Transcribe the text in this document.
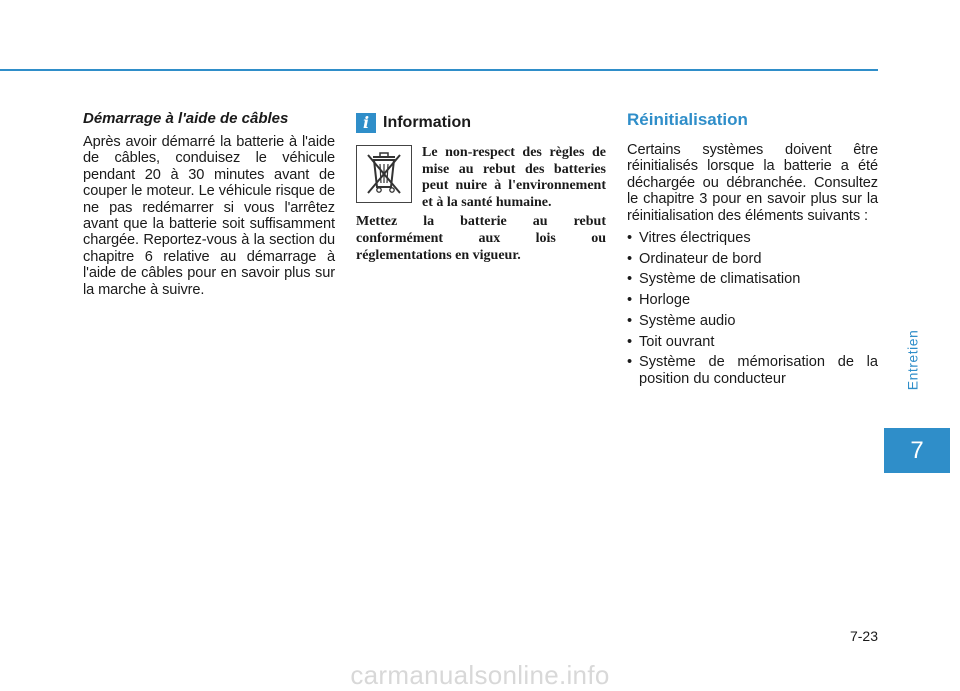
Démarrage à l'aide de câbles

Après avoir démarré la batterie à l'aide de câbles, conduisez le véhicule pendant 20 à 30 minutes avant de couper le moteur. Le véhicule risque de ne pas redémarrer si vous l'arrêtez avant que la batterie soit suffisamment chargée. Reportez-vous à la section du chapitre 6 relative au démarrage à l'aide de câbles pour en savoir plus sur la marche à suivre.

i Information

Le non-respect des règles de mise au rebut des batteries peut nuire à l'environnement et à la santé humaine.

Mettez la batterie au rebut conformément aux lois ou réglementations en vigueur.

Réinitialisation

Certains systèmes doivent être réinitialisés lorsque la batterie a été déchargée ou débranchée. Consultez le chapitre 3 pour en savoir plus sur la réinitialisation des éléments suivants :

• Vitres électriques
• Ordinateur de bord
• Système de climatisation
• Horloge
• Système audio
• Toit ouvrant
• Système de mémorisation de la position du conducteur	Entretien
7
7-23
carmanualsonline.info
